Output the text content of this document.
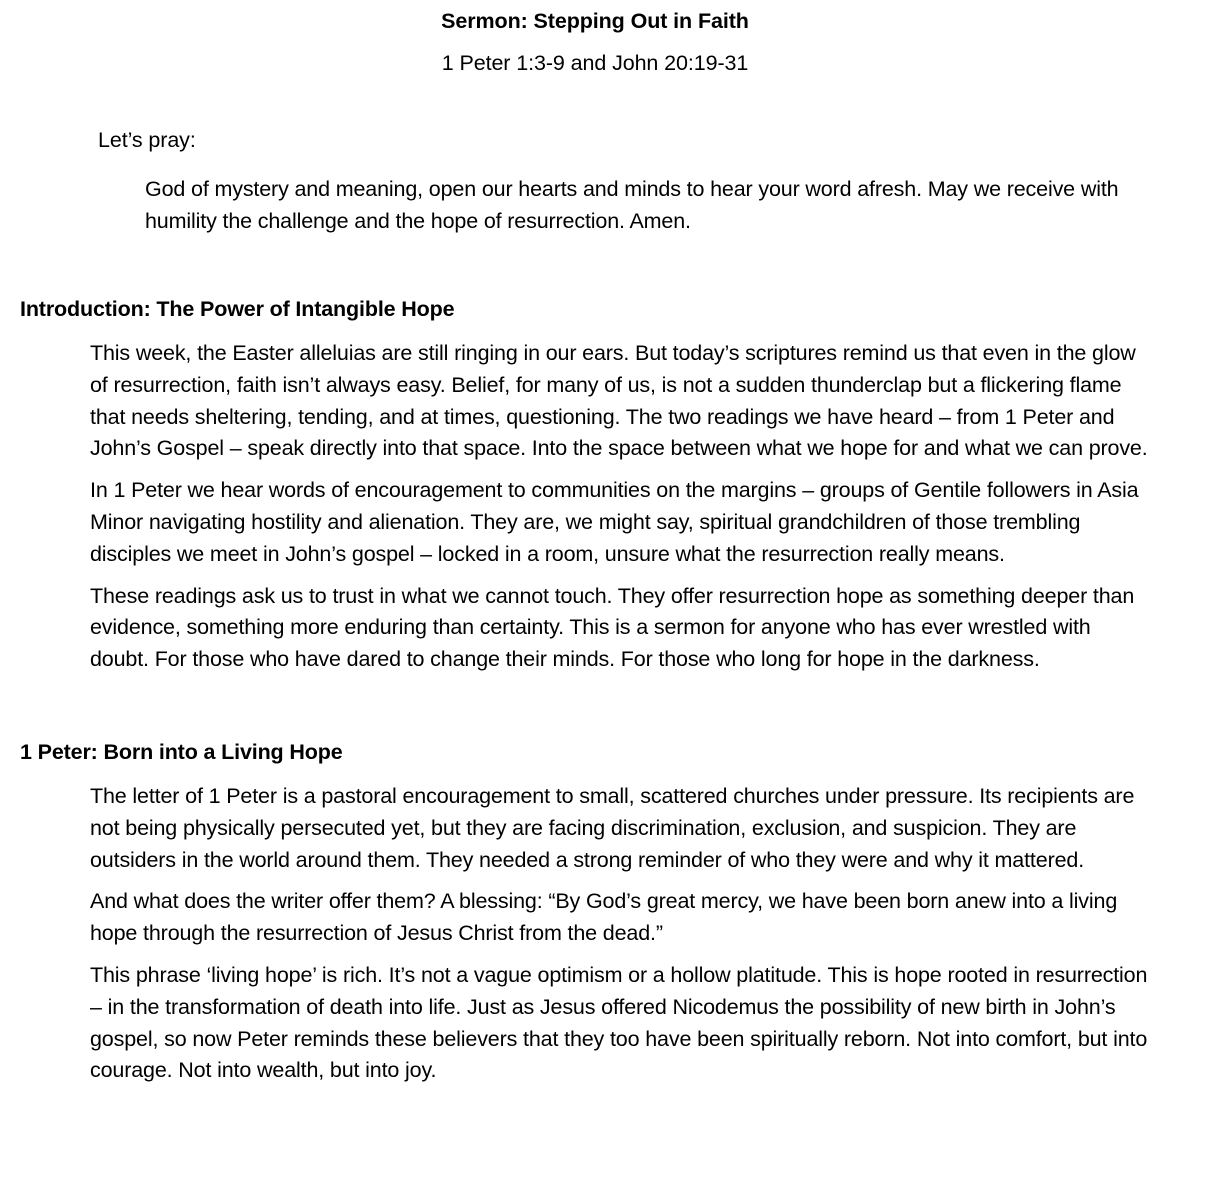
Sermon: Stepping Out in Faith

1 Peter 1:3-9 and John 20:19-31

Let’s pray:

God of mystery and meaning, open our hearts and minds to hear your word afresh. May we receive with humility the challenge and the hope of resurrection. Amen.

Introduction: The Power of Intangible Hope

This week, the Easter alleluias are still ringing in our ears. But today’s scriptures remind us that even in the glow of resurrection, faith isn’t always easy. Belief, for many of us, is not a sudden thunderclap but a flickering flame that needs sheltering, tending, and at times, questioning. The two readings we have heard – from 1 Peter and John’s Gospel – speak directly into that space. Into the space between what we hope for and what we can prove.

In 1 Peter we hear words of encouragement to communities on the margins – groups of Gentile followers in Asia Minor navigating hostility and alienation. They are, we might say, spiritual grandchildren of those trembling disciples we meet in John’s gospel – locked in a room, unsure what the resurrection really means.

These readings ask us to trust in what we cannot touch. They offer resurrection hope as something deeper than evidence, something more enduring than certainty. This is a sermon for anyone who has ever wrestled with doubt. For those who have dared to change their minds. For those who long for hope in the darkness.

1 Peter: Born into a Living Hope

The letter of 1 Peter is a pastoral encouragement to small, scattered churches under pressure. Its recipients are not being physically persecuted yet, but they are facing discrimination, exclusion, and suspicion. They are outsiders in the world around them. They needed a strong reminder of who they were and why it mattered.

And what does the writer offer them? A blessing: “By God’s great mercy, we have been born anew into a living hope through the resurrection of Jesus Christ from the dead.”

This phrase ‘living hope’ is rich. It’s not a vague optimism or a hollow platitude. This is hope rooted in resurrection – in the transformation of death into life. Just as Jesus offered Nicodemus the possibility of new birth in John’s gospel, so now Peter reminds these believers that they too have been spiritually reborn. Not into comfort, but into courage. Not into wealth, but into joy.
